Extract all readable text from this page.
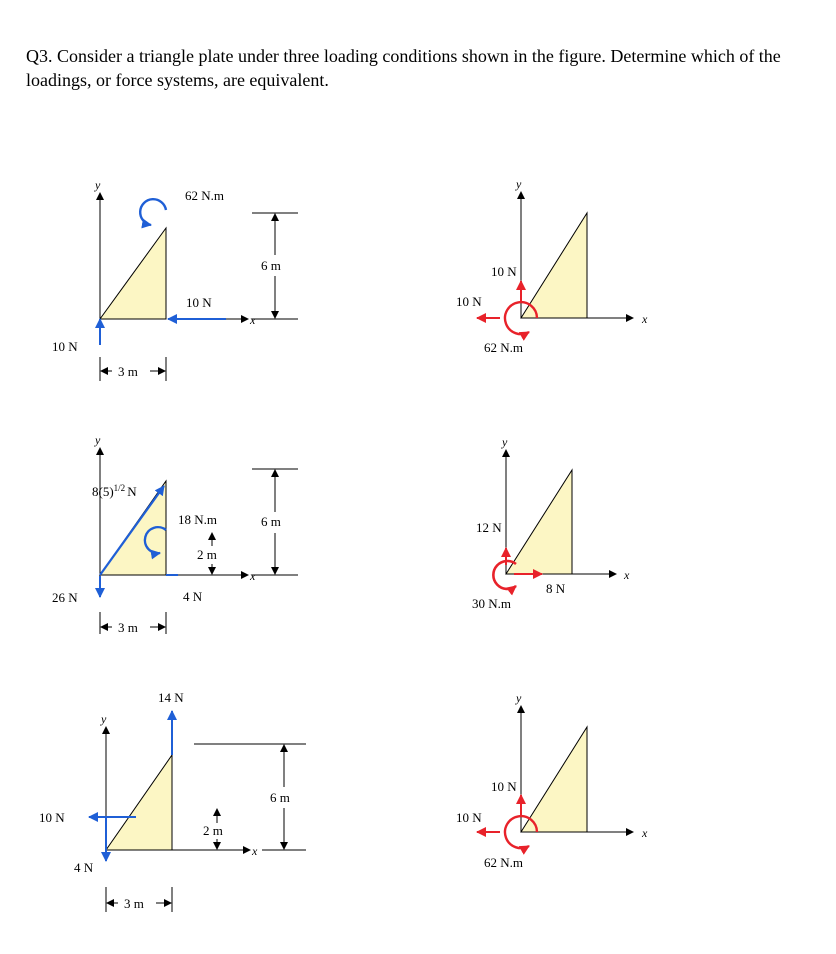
Q3. Consider a triangle plate under three loading conditions shown in the figure. Determine which of the loadings, or force systems, are equivalent.
y
x
62 N.m
10 N
10 N
6 m
3 m
y
x
$8(5)^{1/2}$ N
18 N.m
2 m
6 m
26 N	4 N
3 m
y
x
14 N
10 N
4 N
6 m
2 m
3 m
y
x
10 N
10 N
62 N.m
y
x
12 N
8 N
30 N.m
y
x
10 N
10 N
62 N.m
